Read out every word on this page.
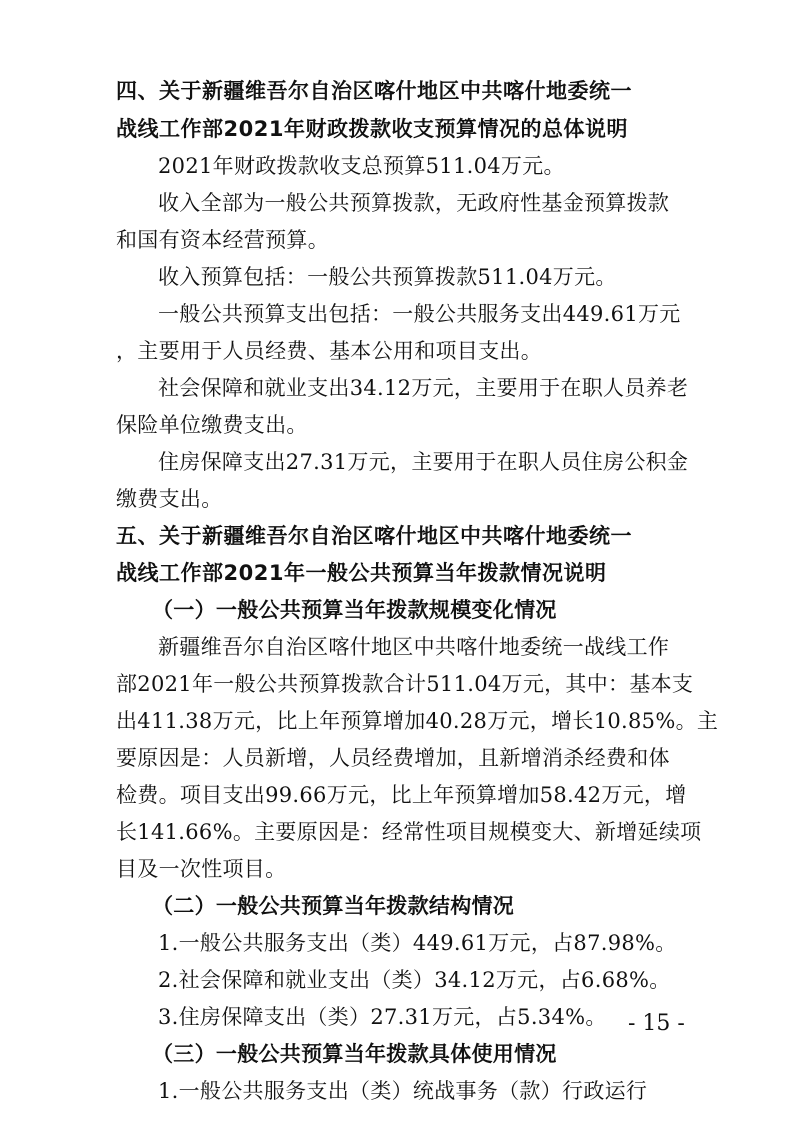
四、关于新疆维吾尔自治区喀什地区中共喀什地委统一
战线工作部2021年财政拨款收支预算情况的总体说明
2021年财政拨款收支总预算511.04万元。
收入全部为一般公共预算拨款，无政府性基金预算拨款
和国有资本经营预算。
收入预算包括：一般公共预算拨款511.04万元。
一般公共预算支出包括：一般公共服务支出449.61万元
，主要用于人员经费、基本公用和项目支出。
社会保障和就业支出34.12万元，主要用于在职人员养老
保险单位缴费支出。
住房保障支出27.31万元，主要用于在职人员住房公积金
缴费支出。
五、关于新疆维吾尔自治区喀什地区中共喀什地委统一
战线工作部2021年一般公共预算当年拨款情况说明
（一）一般公共预算当年拨款规模变化情况
新疆维吾尔自治区喀什地区中共喀什地委统一战线工作
部2021年一般公共预算拨款合计511.04万元，其中：基本支
出411.38万元，比上年预算增加40.28万元，增长10.85%。主
要原因是：人员新增，人员经费增加，且新增消杀经费和体
检费。项目支出99.66万元，比上年预算增加58.42万元，增
长141.66%。主要原因是：经常性项目规模变大、新增延续项
目及一次性项目。
（二）一般公共预算当年拨款结构情况
1.一般公共服务支出（类）449.61万元，占87.98%。
2.社会保障和就业支出（类）34.12万元，占6.68%。
3.住房保障支出（类）27.31万元，占5.34%。
（三）一般公共预算当年拨款具体使用情况
1.一般公共服务支出（类）统战事务（款）行政运行
- 15 -
